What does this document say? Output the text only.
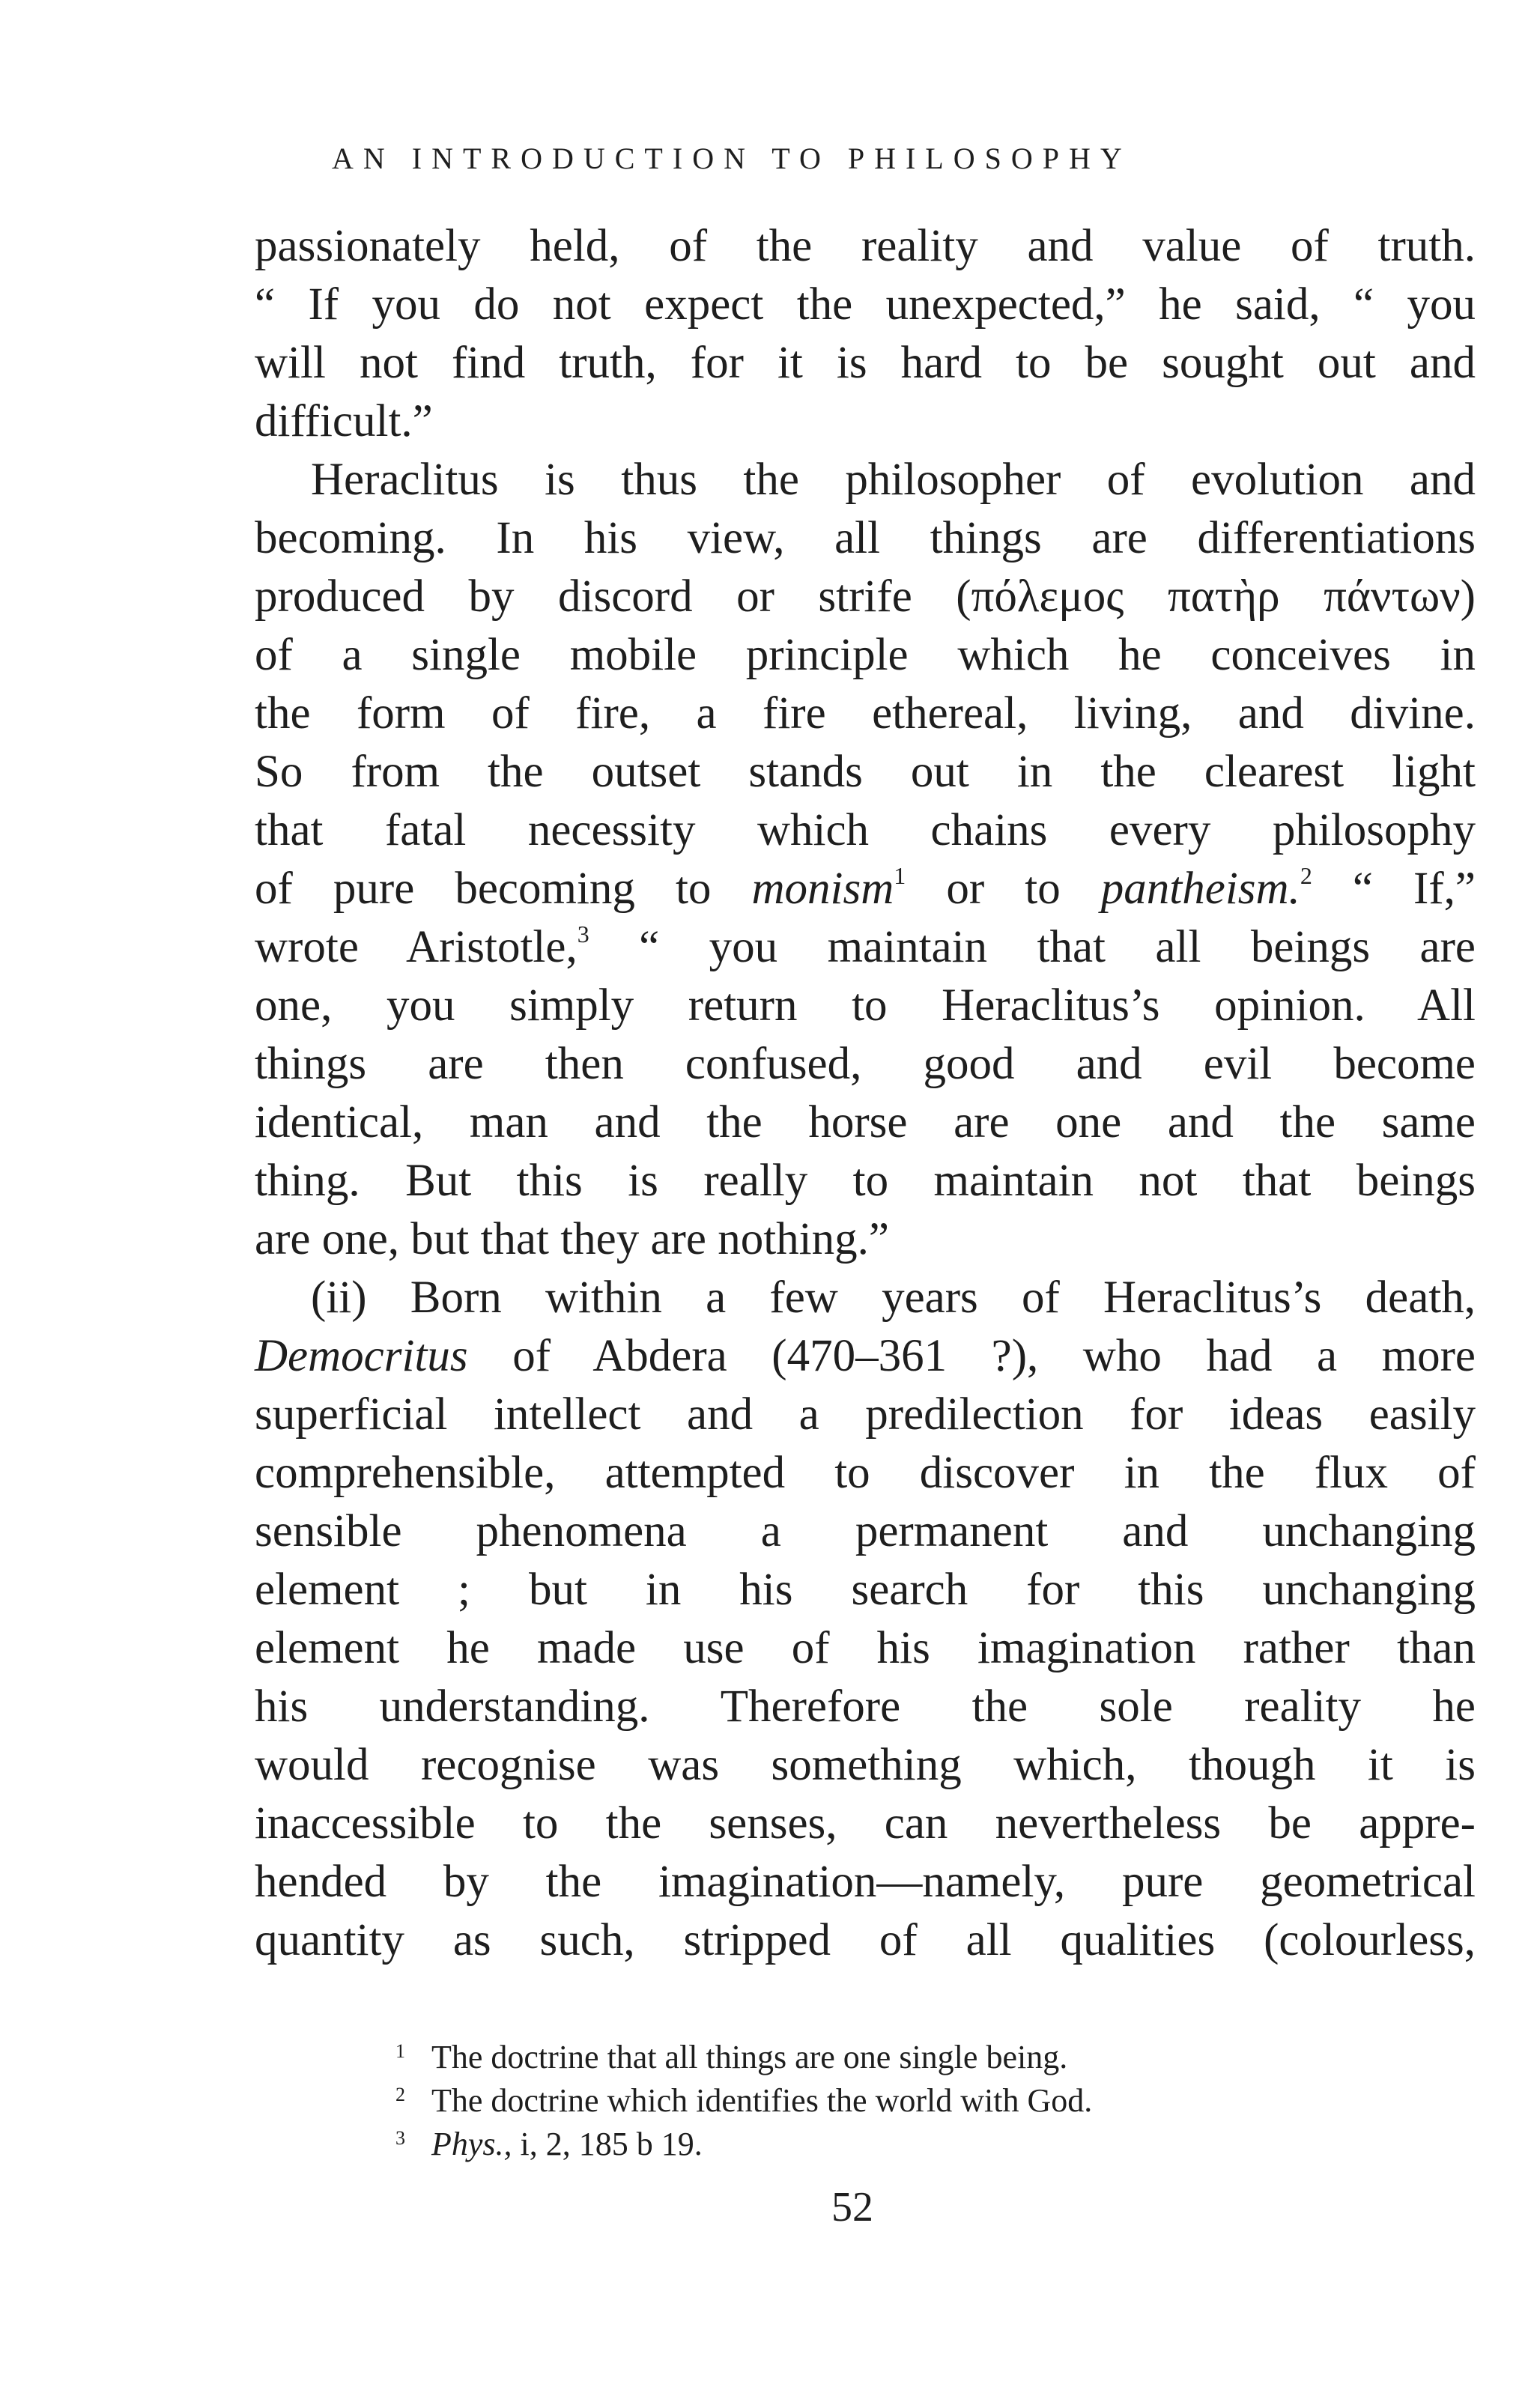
AN INTRODUCTION TO PHILOSOPHY
passionately held, of the reality and value of truth.
“ If you do not expect the unexpected,” he said, “ you
will not find truth, for it is hard to be sought out and
difficult.”
Heraclitus is thus the philosopher of evolution and
becoming. In his view, all things are differentiations
produced by discord or strife (πόλεμος πατὴρ πάντων)
of a single mobile principle which he conceives in
the form of fire, a fire ethereal, living, and divine.
So from the outset stands out in the clearest light
that fatal necessity which chains every philosophy
of pure becoming to monism$^1$ or to pantheism.$^2$ “ If,”
wrote Aristotle,$^3$ “ you maintain that all beings are
one, you simply return to Heraclitus’s opinion. All
things are then confused, good and evil become
identical, man and the horse are one and the same
thing. But this is really to maintain not that beings
are one, but that they are nothing.”
(ii) Born within a few years of Heraclitus’s death,
Democritus of Abdera (470–361 ?), who had a more
superficial intellect and a predilection for ideas easily
comprehensible, attempted to discover in the flux of
sensible phenomena a permanent and unchanging
element ; but in his search for this unchanging
element he made use of his imagination rather than
his understanding. Therefore the sole reality he
would recognise was something which, though it is
inaccessible to the senses, can nevertheless be appre-
hended by the imagination—namely, pure geometrical
quantity as such, stripped of all qualities (colourless,
1 The doctrine that all things are one single being.
2 The doctrine which identifies the world with God.
3 Phys., i, 2, 185 b 19.
52
